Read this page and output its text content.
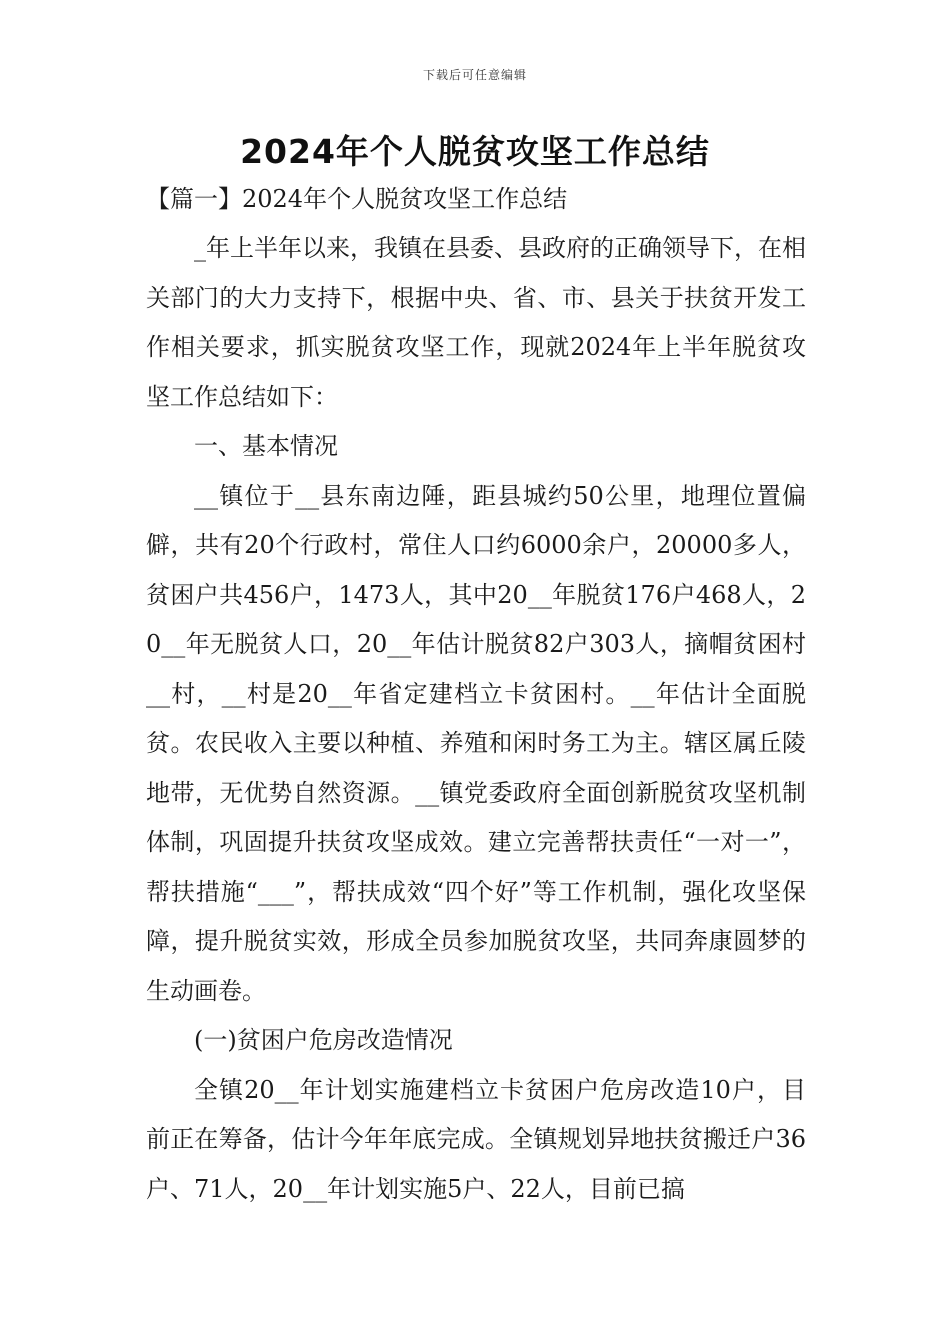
下载后可任意编辑
2024年个人脱贫攻坚工作总结
【篇一】2024年个人脱贫攻坚工作总结

_年上半年以来，我镇在县委、县政府的正确领导下，在相关部门的大力支持下，根据中央、省、市、县关于扶贫开发工作相关要求，抓实脱贫攻坚工作，现就2024年上半年脱贫攻坚工作总结如下：

一、基本情况

__镇位于__县东南边陲，距县城约50公里，地理位置偏僻，共有20个行政村，常住人口约6000余户，20000多人，贫困户共456户，1473人，其中20__年脱贫176户468人，20__年无脱贫人口，20__年估计脱贫82户303人，摘帽贫困村__村，__村是20__年省定建档立卡贫困村。__年估计全面脱贫。农民收入主要以种植、养殖和闲时务工为主。辖区属丘陵地带，无优势自然资源。__镇党委政府全面创新脱贫攻坚机制体制，巩固提升扶贫攻坚成效。建立完善帮扶责任“一对一”，帮扶措施“___”，帮扶成效“四个好”等工作机制，强化攻坚保障，提升脱贫实效，形成全员参加脱贫攻坚，共同奔康圆梦的生动画卷。

(一)贫困户危房改造情况

全镇20__年计划实施建档立卡贫困户危房改造10户，目前正在筹备，估计今年年底完成。全镇规划异地扶贫搬迁户36户、71人，20__年计划实施5户、22人，目前已搞
